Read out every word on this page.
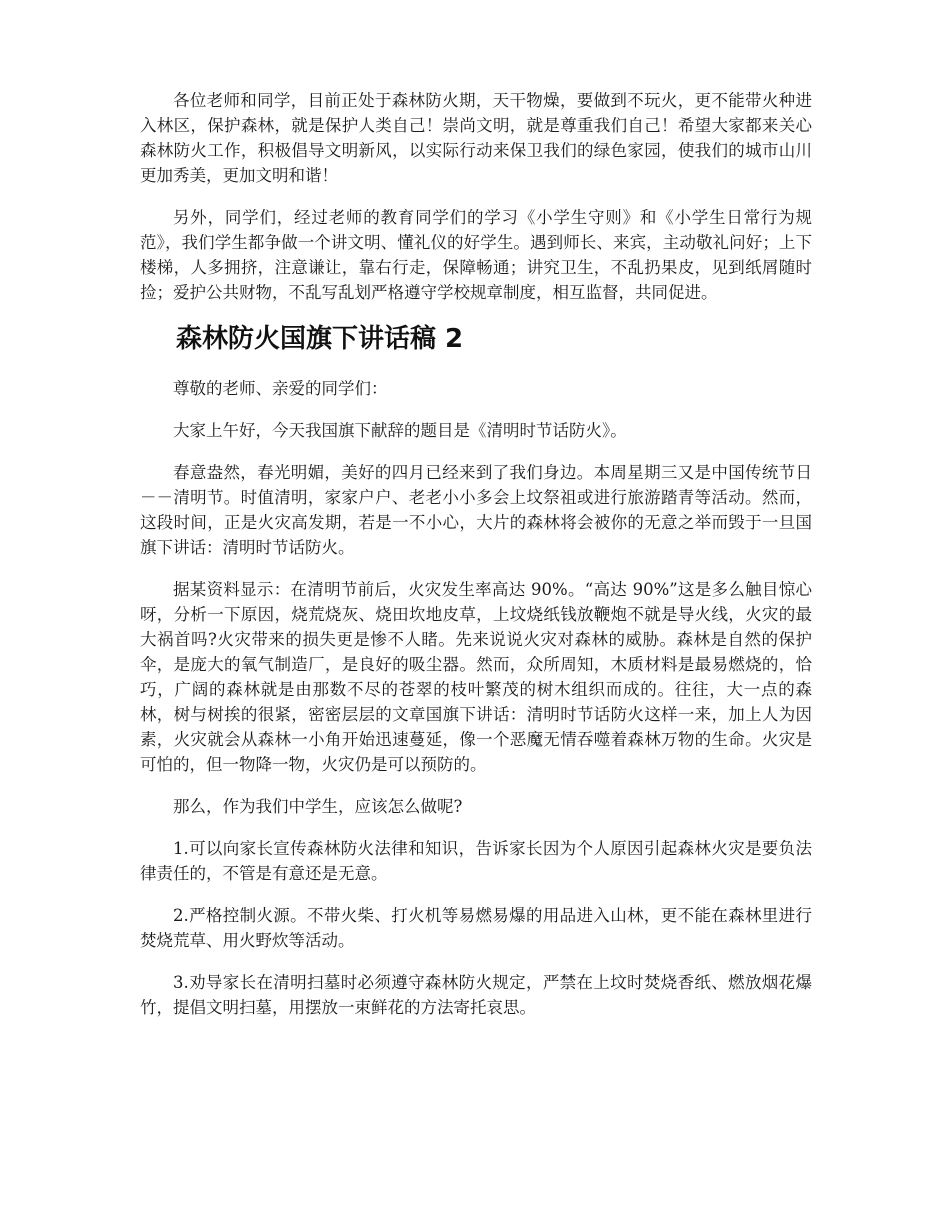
各位老师和同学，目前正处于森林防火期，天干物燥，要做到不玩火，更不能带火种进入林区，保护森林，就是保护人类自己！崇尚文明，就是尊重我们自己！希望大家都来关心森林防火工作，积极倡导文明新风，以实际行动来保卫我们的绿色家园，使我们的城市山川更加秀美，更加文明和谐！

另外，同学们，经过老师的教育同学们的学习《小学生守则》和《小学生日常行为规范》，我们学生都争做一个讲文明、懂礼仪的好学生。遇到师长、来宾，主动敬礼问好；上下楼梯，人多拥挤，注意谦让，靠右行走，保障畅通；讲究卫生，不乱扔果皮，见到纸屑随时捡；爱护公共财物，不乱写乱划严格遵守学校规章制度，相互监督，共同促进。

森林防火国旗下讲话稿 2

尊敬的老师、亲爱的同学们：

大家上午好，今天我国旗下献辞的题目是《清明时节话防火》。

春意盎然，春光明媚，美好的四月已经来到了我们身边。本周星期三又是中国传统节日－－清明节。时值清明，家家户户、老老小小多会上坟祭祖或进行旅游踏青等活动。然而，这段时间，正是火灾高发期，若是一不小心，大片的森林将会被你的无意之举而毁于一旦国旗下讲话：清明时节话防火。

据某资料显示：在清明节前后，火灾发生率高达 90%。“高达 90%”这是多么触目惊心呀，分析一下原因，烧荒烧灰、烧田坎地皮草，上坟烧纸钱放鞭炮不就是导火线，火灾的最大祸首吗?火灾带来的损失更是惨不人睹。先来说说火灾对森林的威胁。森林是自然的保护伞，是庞大的氧气制造厂，是良好的吸尘器。然而，众所周知，木质材料是最易燃烧的，恰巧，广阔的森林就是由那数不尽的苍翠的枝叶繁茂的树木组织而成的。往往，大一点的森林，树与树挨的很紧，密密层层的文章国旗下讲话：清明时节话防火这样一来，加上人为因素，火灾就会从森林一小角开始迅速蔓延，像一个恶魔无情吞噬着森林万物的生命。火灾是可怕的，但一物降一物，火灾仍是可以预防的。

那么，作为我们中学生，应该怎么做呢?

1.可以向家长宣传森林防火法律和知识，告诉家长因为个人原因引起森林火灾是要负法律责任的，不管是有意还是无意。

2.严格控制火源。不带火柴、打火机等易燃易爆的用品进入山林，更不能在森林里进行焚烧荒草、用火野炊等活动。

3.劝导家长在清明扫墓时必须遵守森林防火规定，严禁在上坟时焚烧香纸、燃放烟花爆竹，提倡文明扫墓，用摆放一束鲜花的方法寄托哀思。
